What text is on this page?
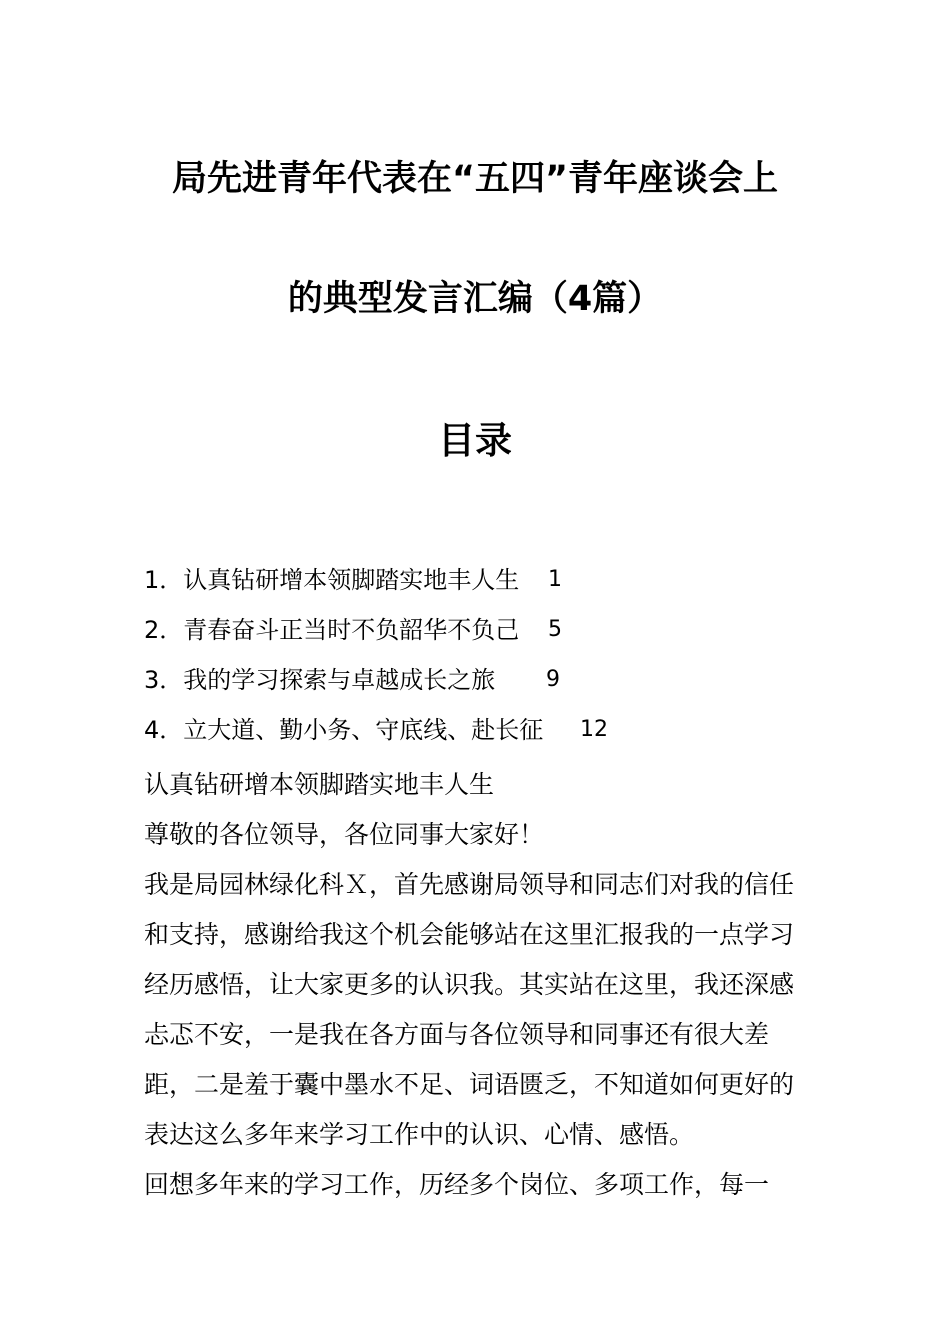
局先进青年代表在“五四”青年座谈会上
的典型发言汇编（4篇）
目录
1．认真钻研增本领脚踏实地丰人生 1
2．青春奋斗正当时不负韶华不负己 5
3．我的学习探索与卓越成长之旅 9
4．立大道、勤小务、守底线、赴长征 12

认真钻研增本领脚踏实地丰人生

尊敬的各位领导，各位同事大家好！

我是局园林绿化科Ｘ，首先感谢局领导和同志们对我的信任和支持，感谢给我这个机会能够站在这里汇报我的一点学习经历感悟，让大家更多的认识我。其实站在这里，我还深感忐忑不安，一是我在各方面与各位领导和同事还有很大差距，二是羞于囊中墨水不足、词语匮乏，不知道如何更好的表达这么多年来学习工作中的认识、心情、感悟。

回想多年来的学习工作，历经多个岗位、多项工作，每一
